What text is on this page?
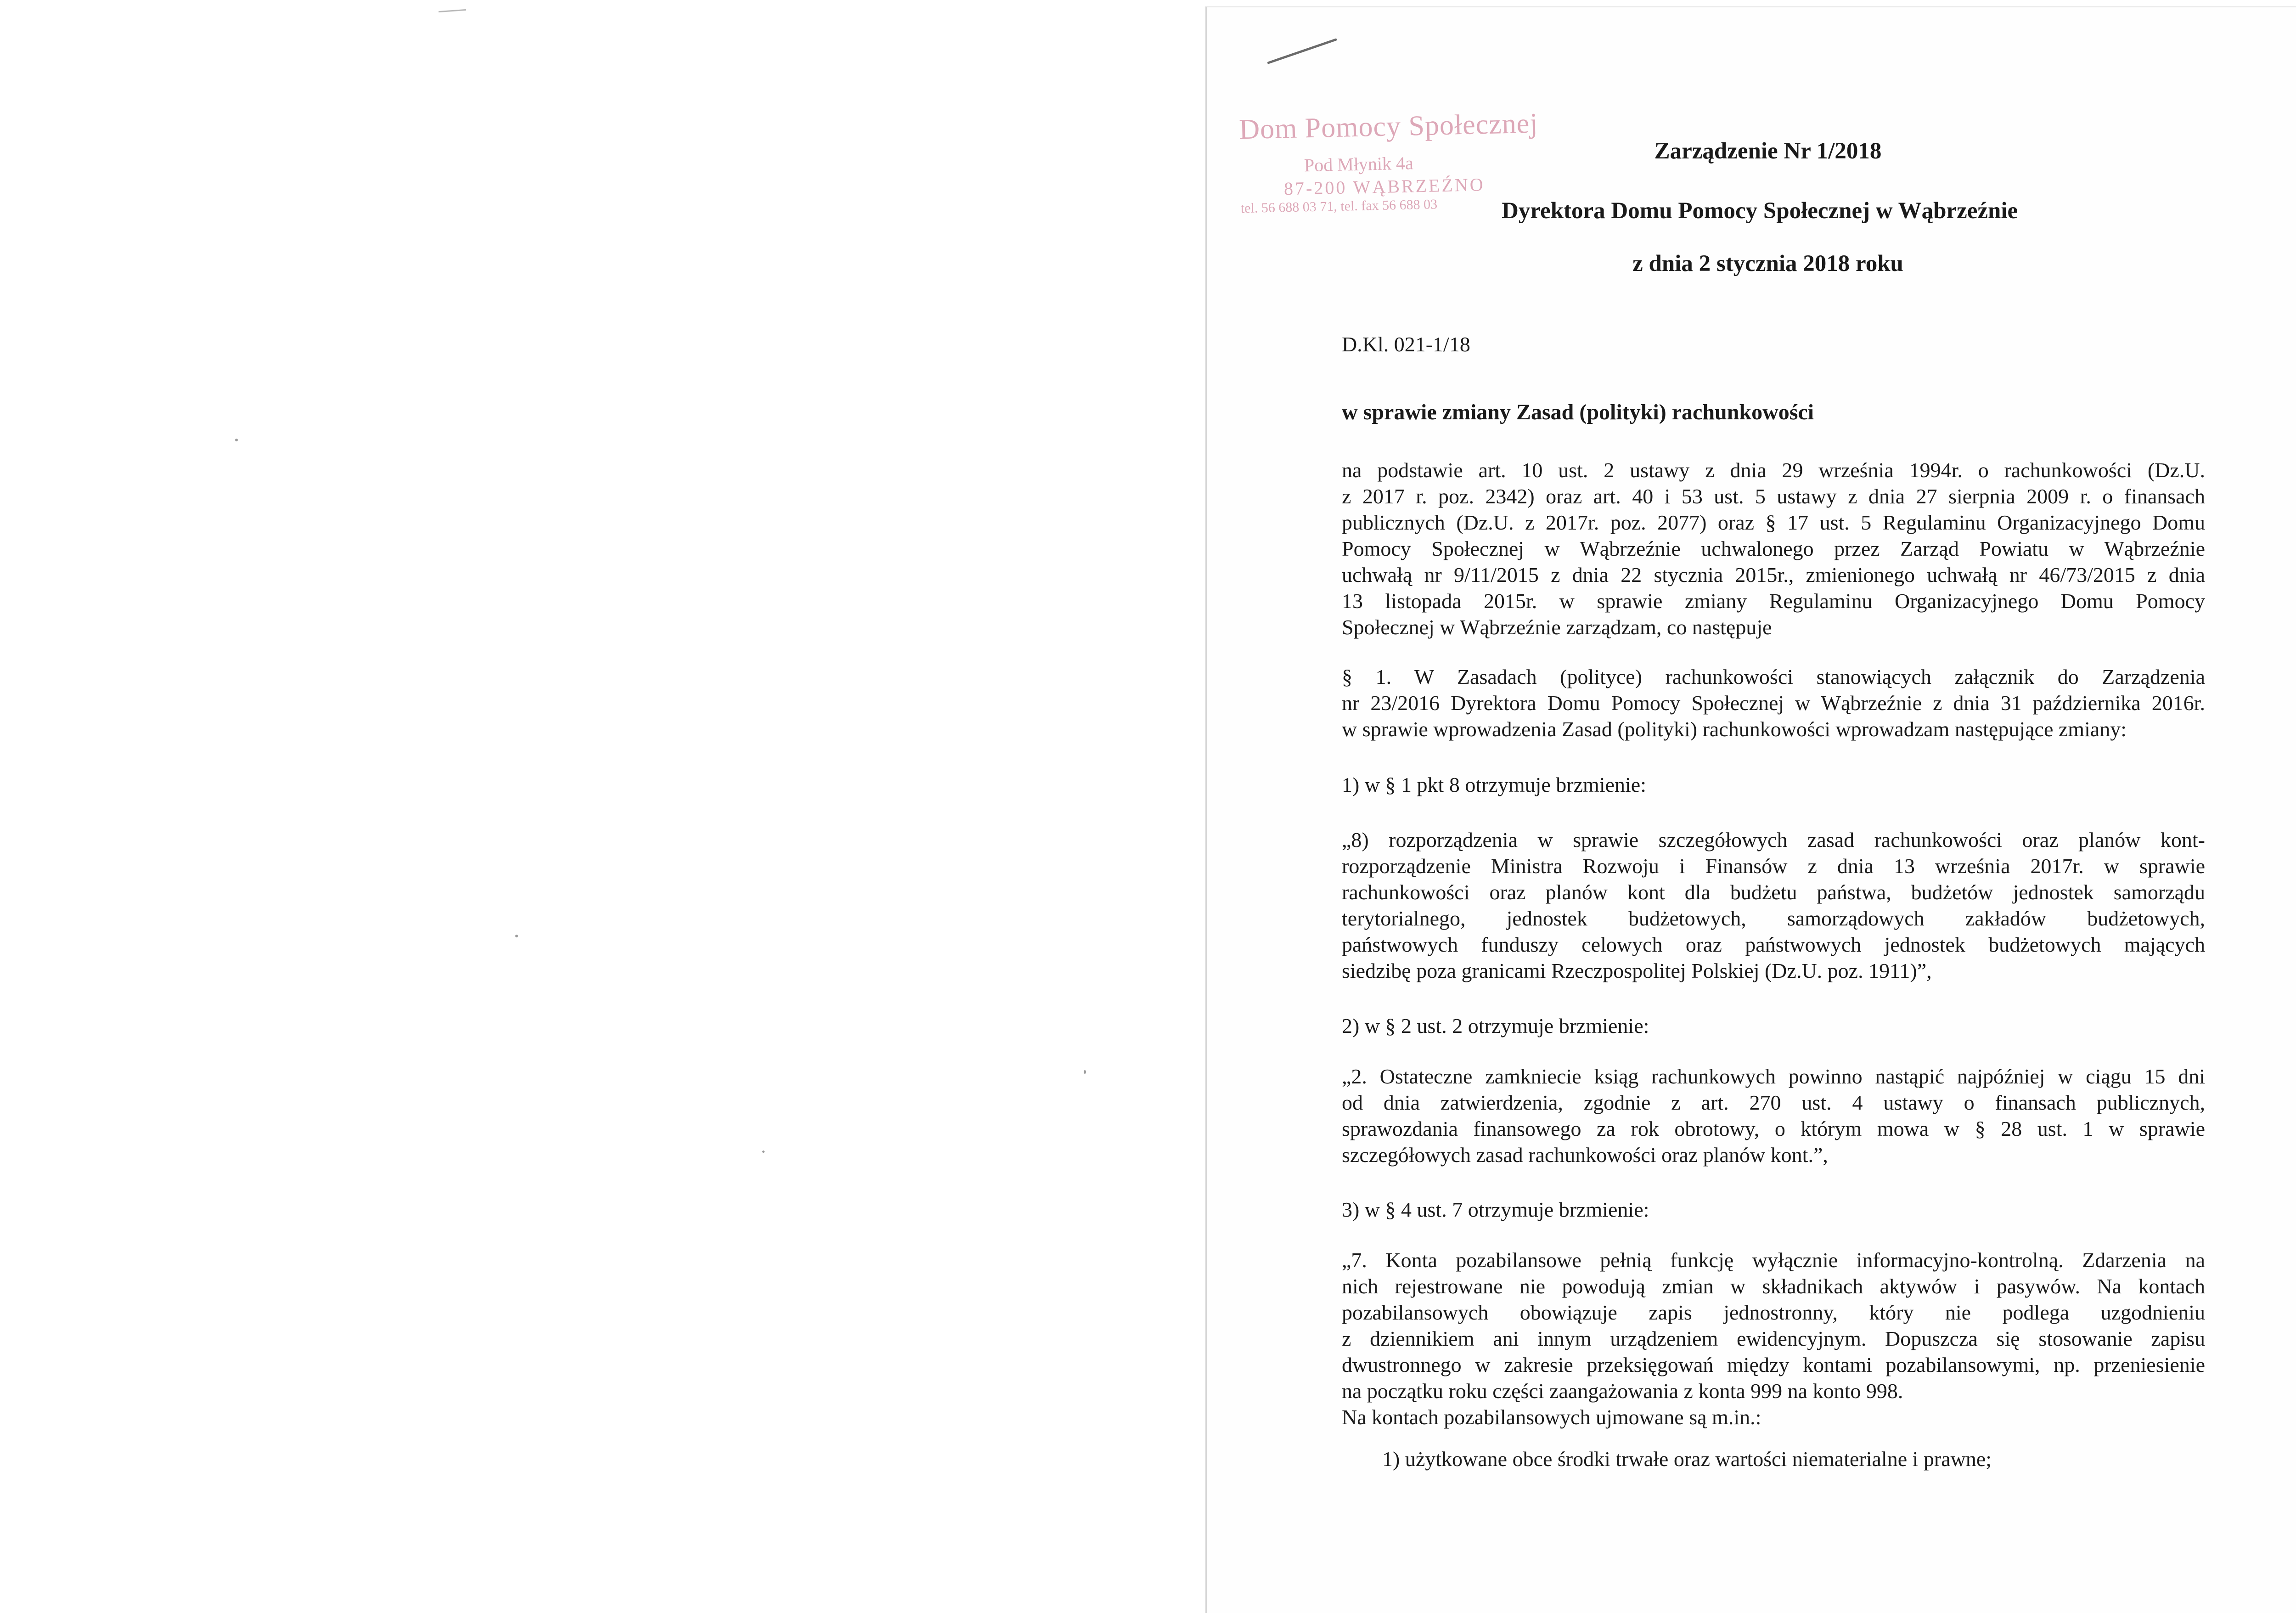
Dom Pomocy Społecznej
Pod Młynik 4a
87-200 WĄBRZEŹNO
tel. 56 688 03 71, tel. fax 56 688 03
Zarządzenie Nr 1/2018
Dyrektora Domu Pomocy Społecznej w Wąbrzeźnie
z dnia 2 stycznia 2018 roku
D.Kl. 021-1/18
w sprawie zmiany Zasad (polityki) rachunkowości
na podstawie art. 10 ust. 2 ustawy z dnia 29 września 1994r. o rachunkowości (Dz.U.
z 2017 r. poz. 2342) oraz art. 40 i 53 ust. 5 ustawy z dnia 27 sierpnia 2009 r. o finansach
publicznych (Dz.U. z 2017r. poz. 2077) oraz § 17 ust. 5 Regulaminu Organizacyjnego Domu
Pomocy Społecznej w Wąbrzeźnie uchwalonego przez Zarząd Powiatu w Wąbrzeźnie
uchwałą nr 9/11/2015 z dnia 22 stycznia 2015r., zmienionego uchwałą nr 46/73/2015 z dnia
13 listopada 2015r. w sprawie zmiany Regulaminu Organizacyjnego Domu Pomocy
Społecznej w Wąbrzeźnie zarządzam, co następuje
§ 1. W Zasadach (polityce) rachunkowości stanowiących załącznik do Zarządzenia
nr 23/2016 Dyrektora Domu Pomocy Społecznej w Wąbrzeźnie z dnia 31 października 2016r.
w sprawie wprowadzenia Zasad (polityki) rachunkowości wprowadzam następujące zmiany:
1) w § 1 pkt 8 otrzymuje brzmienie:
„8) rozporządzenia w sprawie szczegółowych zasad rachunkowości oraz planów kont-
rozporządzenie Ministra Rozwoju i Finansów z dnia 13 września 2017r. w sprawie
rachunkowości oraz planów kont dla budżetu państwa, budżetów jednostek samorządu
terytorialnego, jednostek budżetowych, samorządowych zakładów budżetowych,
państwowych funduszy celowych oraz państwowych jednostek budżetowych mających
siedzibę poza granicami Rzeczpospolitej Polskiej (Dz.U. poz. 1911)”,
2) w § 2 ust. 2 otrzymuje brzmienie:
„2. Ostateczne zamkniecie ksiąg rachunkowych powinno nastąpić najpóźniej w ciągu 15 dni
od dnia zatwierdzenia, zgodnie z art. 270 ust. 4 ustawy o finansach publicznych,
sprawozdania finansowego za rok obrotowy, o którym mowa w § 28 ust. 1 w sprawie
szczegółowych zasad rachunkowości oraz planów kont.”,
3) w § 4 ust. 7 otrzymuje brzmienie:
„7. Konta pozabilansowe pełnią funkcję wyłącznie informacyjno-kontrolną. Zdarzenia na
nich rejestrowane nie powodują zmian w składnikach aktywów i pasywów. Na kontach
pozabilansowych obowiązuje zapis jednostronny, który nie podlega uzgodnieniu
z dziennikiem ani innym urządzeniem ewidencyjnym. Dopuszcza się stosowanie zapisu
dwustronnego w zakresie przeksięgowań między kontami pozabilansowymi, np. przeniesienie
na początku roku części zaangażowania z konta 999 na konto 998.
Na kontach pozabilansowych ujmowane są m.in.:
1) użytkowane obce środki trwałe oraz wartości niematerialne i prawne;
